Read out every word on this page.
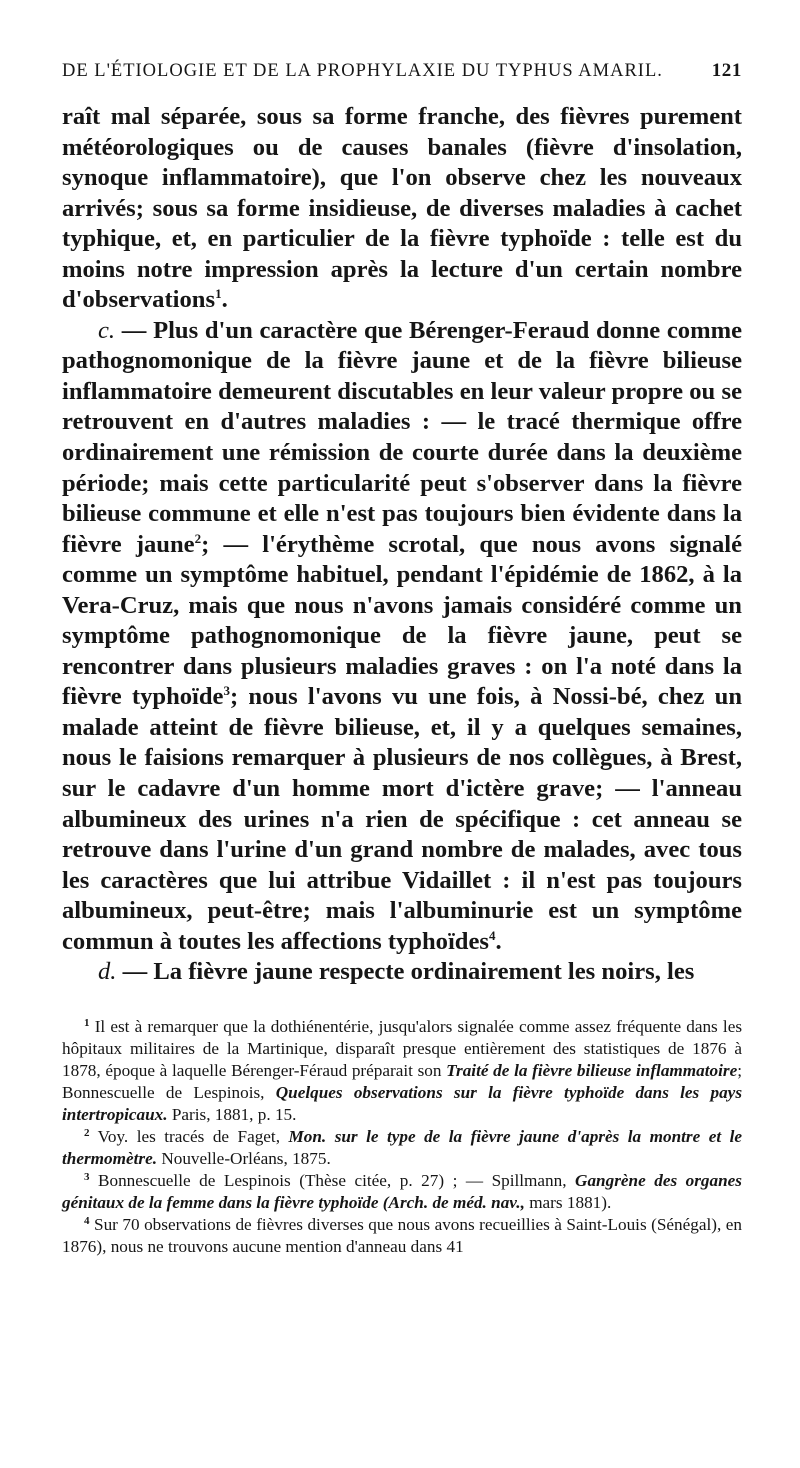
DE L'ÉTIOLOGIE ET DE LA PROPHYLAXIE DU TYPHUS AMARIL.	121

raît mal séparée, sous sa forme franche, des fièvres purement météorologiques ou de causes banales (fièvre d'insolation, synoque inflammatoire), que l'on observe chez les nouveaux arrivés; sous sa forme insidieuse, de diverses maladies à cachet typhique, et, en particulier de la fièvre typhoïde : telle est du moins notre impression après la lecture d'un certain nombre d'observations$^1$.

c. — Plus d'un caractère que Bérenger-Feraud donne comme pathognomonique de la fièvre jaune et de la fièvre bilieuse inflammatoire demeurent discutables en leur valeur propre ou se retrouvent en d'autres maladies : — le tracé thermique offre ordinairement une rémission de courte durée dans la deuxième période; mais cette particularité peut s'observer dans la fièvre bilieuse commune et elle n'est pas toujours bien évidente dans la fièvre jaune$^2$; — l'érythème scrotal, que nous avons signalé comme un symptôme habituel, pendant l'épidémie de 1862, à la Vera-Cruz, mais que nous n'avons jamais considéré comme un symptôme pathognomonique de la fièvre jaune, peut se rencontrer dans plusieurs maladies graves : on l'a noté dans la fièvre typhoïde$^3$; nous l'avons vu une fois, à Nossi-bé, chez un malade atteint de fièvre bilieuse, et, il y a quelques semaines, nous le faisions remarquer à plusieurs de nos collègues, à Brest, sur le cadavre d'un homme mort d'ictère grave; — l'anneau albumineux des urines n'a rien de spécifique : cet anneau se retrouve dans l'urine d'un grand nombre de malades, avec tous les caractères que lui attribue Vidaillet : il n'est pas toujours albumineux, peut-être; mais l'albuminurie est un symptôme commun à toutes les affections typhoïdes$^4$.

d. — La fièvre jaune respecte ordinairement les noirs, les

$^1$ Il est à remarquer que la dothiénentérie, jusqu'alors signalée comme assez fréquente dans les hôpitaux militaires de la Martinique, disparaît presque entièrement des statistiques de 1876 à 1878, époque à laquelle Bérenger-Féraud préparait son Traité de la fièvre bilieuse inflammatoire; Bonnescuelle de Lespinois, Quelques observations sur la fièvre typhoïde dans les pays intertropicaux. Paris, 1881, p. 15.

$^2$ Voy. les tracés de Faget, Mon. sur le type de la fièvre jaune d'après la montre et le thermomètre. Nouvelle-Orléans, 1875.

$^3$ Bonnescuelle de Lespinois (Thèse citée, p. 27) ; — Spillmann, Gangrène des organes génitaux de la femme dans la fièvre typhoïde (Arch. de méd. nav., mars 1881).

$^4$ Sur 70 observations de fièvres diverses que nous avons recueillies à Saint-Louis (Sénégal), en 1876), nous ne trouvons aucune mention d'anneau dans 41
